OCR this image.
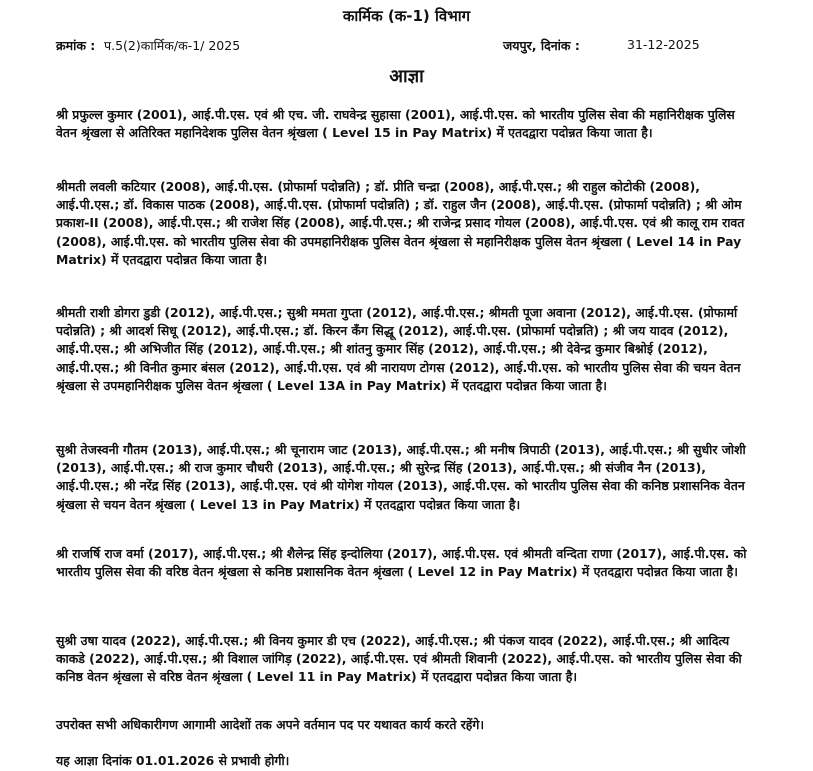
कार्मिक (क-1) विभाग
क्रमांक : प.5(2)कार्मिक/क-1/ 2025	जयपुर, दिनांक :	31-12-2025
आज्ञा

श्री प्रफुल्ल कुमार (2001), आई.पी.एस. एवं श्री एच. जी. राघवेन्द्र सुहासा (2001), आई.पी.एस. को भारतीय पुलिस सेवा की महानिरीक्षक पुलिस वेतन श्रृंखला से अतिरिक्त महानिदेशक पुलिस वेतन श्रृंखला ( Level 15 in Pay Matrix) में एतदद्वारा पदोन्नत किया जाता है।

श्रीमती लवली कटियार (2008), आई.पी.एस. (प्रोफार्मा पदोन्नति) ; डॉ. प्रीति चन्द्रा (2008), आई.पी.एस.; श्री राहुल कोटोकी (2008), आई.पी.एस.; डॉ. विकास पाठक (2008), आई.पी.एस. (प्रोफार्मा पदोन्नति) ; डॉ. राहुल जैन (2008), आई.पी.एस. (प्रोफार्मा पदोन्नति) ; श्री ओम प्रकाश-II (2008), आई.पी.एस.; श्री राजेश सिंह (2008), आई.पी.एस.; श्री राजेन्द्र प्रसाद गोयल (2008), आई.पी.एस. एवं श्री कालू राम रावत (2008), आई.पी.एस. को भारतीय पुलिस सेवा की उपमहानिरीक्षक पुलिस वेतन श्रृंखला से महानिरीक्षक पुलिस वेतन श्रृंखला ( Level 14 in Pay Matrix) में एतदद्वारा पदोन्नत किया जाता है।

श्रीमती राशी डोगरा डुडी (2012), आई.पी.एस.; सुश्री ममता गुप्ता (2012), आई.पी.एस.; श्रीमती पूजा अवाना (2012), आई.पी.एस. (प्रोफार्मा पदोन्नति) ; श्री आदर्श सिधू (2012), आई.पी.एस.; डॉ. किरन कँग सिद्धू (2012), आई.पी.एस. (प्रोफार्मा पदोन्नति) ; श्री जय यादव (2012), आई.पी.एस.; श्री अभिजीत सिंह (2012), आई.पी.एस.; श्री शांतनु कुमार सिंह (2012), आई.पी.एस.; श्री देवेन्द्र कुमार बिश्नोई (2012), आई.पी.एस.; श्री विनीत कुमार बंसल (2012), आई.पी.एस. एवं श्री नारायण टोगस (2012), आई.पी.एस. को भारतीय पुलिस सेवा की चयन वेतन श्रृंखला से उपमहानिरीक्षक पुलिस वेतन श्रृंखला ( Level 13A in Pay Matrix) में एतदद्वारा पदोन्नत किया जाता है।

सुश्री तेजस्वनी गौतम (2013), आई.पी.एस.; श्री चूनाराम जाट (2013), आई.पी.एस.; श्री मनीष त्रिपाठी (2013), आई.पी.एस.; श्री सुधीर जोशी (2013), आई.पी.एस.; श्री राज कुमार चौधरी (2013), आई.पी.एस.; श्री सुरेन्द्र सिंह (2013), आई.पी.एस.; श्री संजीव नैन (2013), आई.पी.एस.; श्री नरेंद्र सिंह (2013), आई.पी.एस. एवं श्री योगेश गोयल (2013), आई.पी.एस. को भारतीय पुलिस सेवा की कनिष्ठ प्रशासनिक वेतन श्रृंखला से चयन वेतन श्रृंखला ( Level 13 in Pay Matrix) में एतदद्वारा पदोन्नत किया जाता है।

श्री राजर्षि राज वर्मा (2017), आई.पी.एस.; श्री शैलेन्द्र सिंह इन्दोलिया (2017), आई.पी.एस. एवं श्रीमती वन्दिता राणा (2017), आई.पी.एस. को भारतीय पुलिस सेवा की वरिष्ठ वेतन श्रृंखला से कनिष्ठ प्रशासनिक वेतन श्रृंखला ( Level 12 in Pay Matrix) में एतदद्वारा पदोन्नत किया जाता है।

सुश्री उषा यादव (2022), आई.पी.एस.; श्री विनय कुमार डी एच (2022), आई.पी.एस.; श्री पंकज यादव (2022), आई.पी.एस.; श्री आदित्य काकडे (2022), आई.पी.एस.; श्री विशाल जांगिड़ (2022), आई.पी.एस. एवं श्रीमती शिवानी (2022), आई.पी.एस. को भारतीय पुलिस सेवा की कनिष्ठ वेतन श्रृंखला से वरिष्ठ वेतन श्रृंखला ( Level 11 in Pay Matrix) में एतदद्वारा पदोन्नत किया जाता है।

उपरोक्त सभी अधिकारीगण आगामी आदेशों तक अपने वर्तमान पद पर यथावत कार्य करते रहेंगे।

यह आज्ञा दिनांक 01.01.2026 से प्रभावी होगी।
